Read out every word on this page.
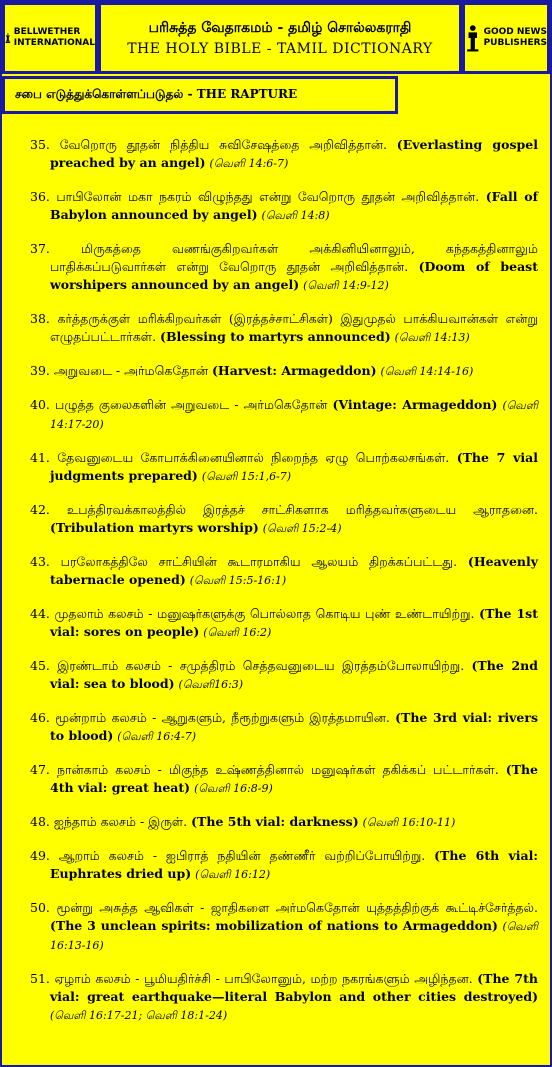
BELLWETHER
INTERNATIONAL
பரிசுத்த வேதாகமம் - தமிழ் சொல்லகராதி
THE HOLY BIBLE - TAMIL DICTIONARY
GOOD NEWS
PUBLISHERS
சபை எடுத்துக்கொள்ளப்படுதல் - THE RAPTURE

35. வேறொரு தூதன் நித்திய சுவிசேஷத்தை அறிவித்தான். (Everlasting gospel preached by an angel) (வெளி 14:6-7)

36. பாபிலோன் மகா நகரம் விழுந்தது என்று வேறொரு தூதன் அறிவித்தான். (Fall of Babylon announced by angel) (வெளி 14:8)

37. மிருகத்தை வணங்குகிறவர்கள் அக்கினியினாலும், கந்தகத்தினாலும் பாதிக்கப்படுவார்கள் என்று வேறொரு தூதன் அறிவித்தான். (Doom of beast worshipers announced by an angel) (வெளி 14:9-12)

38. கர்த்தருக்குள் மரிக்கிறவர்கள் (இரத்தச்சாட்சிகள்) இதுமுதல் பாக்கியவான்கள் என்று எழுதப்பட்டார்கள். (Blessing to martyrs announced) (வெளி 14:13)

39. அறுவடை - அர்மகெதோன் (Harvest: Armageddon) (வெளி 14:14-16)

40. பழுத்த குலைகளின் அறுவடை - அர்மகெதோன் (Vintage: Armageddon) (வெளி 14:17-20)

41. தேவனுடைய கோபாக்கினையினால் நிறைந்த ஏழு பொற்கலசங்கள். (The 7 vial judgments prepared) (வெளி 15:1,6-7)

42. உபத்திரவக்காலத்தில் இரத்தச் சாட்சிகளாக மரித்தவர்களுடைய ஆராதனை. (Tribulation martyrs worship) (வெளி 15:2-4)

43. பரலோகத்திலே சாட்சியின் கூடாரமாகிய ஆலயம் திறக்கப்பட்டது. (Heavenly tabernacle opened) (வெளி 15:5-16:1)

44. முதலாம் கலசம் - மனுஷர்களுக்கு பொல்லாத கொடிய புண் உண்டாயிற்று. (The 1st vial: sores on people) (வெளி 16:2)

45. இரண்டாம் கலசம் - சமுத்திரம் செத்தவனுடைய இரத்தம்போலாயிற்று. (The 2nd vial: sea to blood) (வெளி16:3)

46. மூன்றாம் கலசம் - ஆறுகளும், நீரூற்றுகளும் இரத்தமாயின. (The 3rd vial: rivers to blood) (வெளி 16:4-7)

47. நான்காம் கலசம் - மிகுந்த உஷ்ணத்தினால் மனுஷர்கள் தகிக்கப் பட்டார்கள். (The 4th vial: great heat) (வெளி 16:8-9)

48. ஐந்தாம் கலசம் - இருள். (The 5th vial: darkness) (வெளி 16:10-11)

49. ஆறாம் கலசம் - ஐபிராத் நதியின் தண்ணீர் வற்றிப்போயிற்று. (The 6th vial: Euphrates dried up) (வெளி 16:12)

50. மூன்று அசுத்த ஆவிகள் - ஜாதிகளை அர்மகெதோன் யுத்தத்திற்குக் கூட்டிச்சேர்த்தல். (The 3 unclean spirits: mobilization of nations to Armageddon) (வெளி 16:13-16)

51. ஏழாம் கலசம் - பூமியதிர்ச்சி - பாபிலோனும், மற்ற நகரங்களும் அழிந்தன. (The 7th vial: great earthquake—literal Babylon and other cities destroyed) (வெளி 16:17-21; வெளி 18:1-24)
